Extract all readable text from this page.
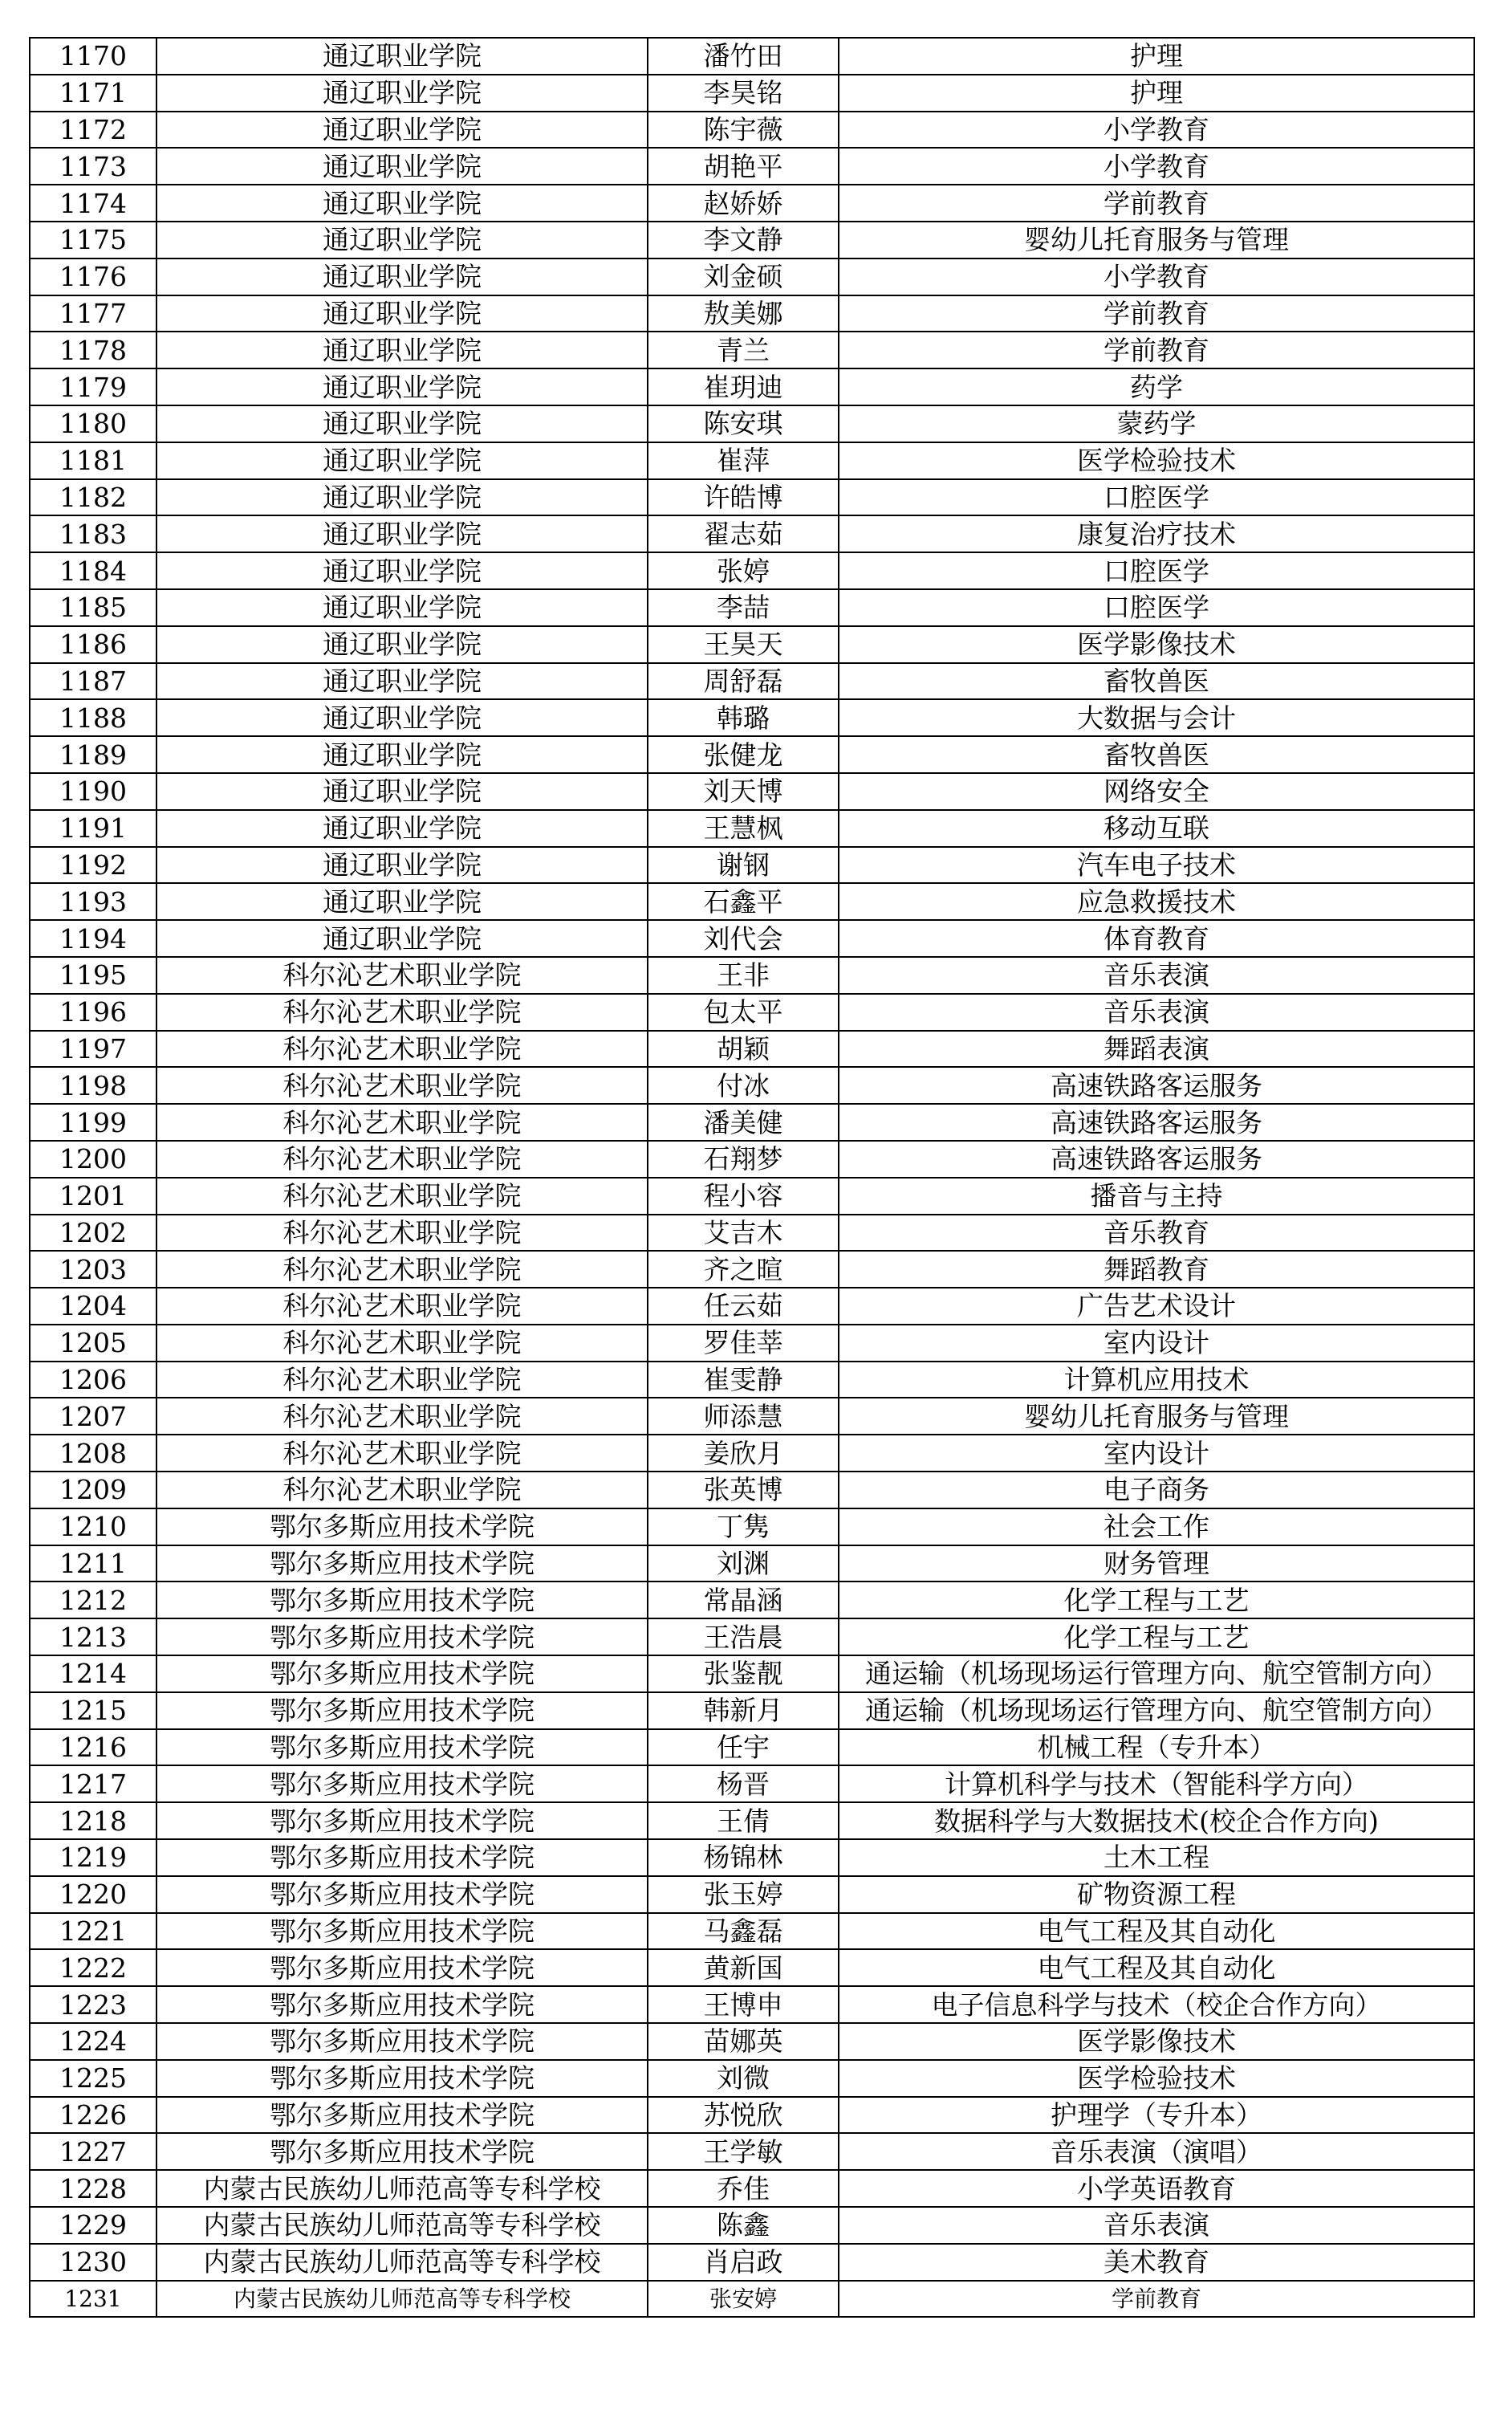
1170	通辽职业学院	潘竹田	护理
1171	通辽职业学院	李昊铭	护理
1172	通辽职业学院	陈宇薇	小学教育
1173	通辽职业学院	胡艳平	小学教育
1174	通辽职业学院	赵娇娇	学前教育
1175	通辽职业学院	李文静	婴幼儿托育服务与管理
1176	通辽职业学院	刘金硕	小学教育
1177	通辽职业学院	敖美娜	学前教育
1178	通辽职业学院	青兰	学前教育
1179	通辽职业学院	崔玥迪	药学
1180	通辽职业学院	陈安琪	蒙药学
1181	通辽职业学院	崔萍	医学检验技术
1182	通辽职业学院	许皓博	口腔医学
1183	通辽职业学院	翟志茹	康复治疗技术
1184	通辽职业学院	张婷	口腔医学
1185	通辽职业学院	李喆	口腔医学
1186	通辽职业学院	王昊天	医学影像技术
1187	通辽职业学院	周舒磊	畜牧兽医
1188	通辽职业学院	韩璐	大数据与会计
1189	通辽职业学院	张健龙	畜牧兽医
1190	通辽职业学院	刘天博	网络安全
1191	通辽职业学院	王慧枫	移动互联
1192	通辽职业学院	谢钢	汽车电子技术
1193	通辽职业学院	石鑫平	应急救援技术
1194	通辽职业学院	刘代会	体育教育
1195	科尔沁艺术职业学院	王非	音乐表演
1196	科尔沁艺术职业学院	包太平	音乐表演
1197	科尔沁艺术职业学院	胡颖	舞蹈表演
1198	科尔沁艺术职业学院	付冰	高速铁路客运服务
1199	科尔沁艺术职业学院	潘美健	高速铁路客运服务
1200	科尔沁艺术职业学院	石翔梦	高速铁路客运服务
1201	科尔沁艺术职业学院	程小容	播音与主持
1202	科尔沁艺术职业学院	艾吉木	音乐教育
1203	科尔沁艺术职业学院	齐之暄	舞蹈教育
1204	科尔沁艺术职业学院	任云茹	广告艺术设计
1205	科尔沁艺术职业学院	罗佳莘	室内设计
1206	科尔沁艺术职业学院	崔雯静	计算机应用技术
1207	科尔沁艺术职业学院	师添慧	婴幼儿托育服务与管理
1208	科尔沁艺术职业学院	姜欣月	室内设计
1209	科尔沁艺术职业学院	张英博	电子商务
1210	鄂尔多斯应用技术学院	丁隽	社会工作
1211	鄂尔多斯应用技术学院	刘渊	财务管理
1212	鄂尔多斯应用技术学院	常晶涵	化学工程与工艺
1213	鄂尔多斯应用技术学院	王浩晨	化学工程与工艺
1214	鄂尔多斯应用技术学院	张鉴靓	通运输（机场现场运行管理方向、航空管制方向）
1215	鄂尔多斯应用技术学院	韩新月	通运输（机场现场运行管理方向、航空管制方向）
1216	鄂尔多斯应用技术学院	任宇	机械工程（专升本）
1217	鄂尔多斯应用技术学院	杨晋	计算机科学与技术（智能科学方向）
1218	鄂尔多斯应用技术学院	王倩	数据科学与大数据技术(校企合作方向)
1219	鄂尔多斯应用技术学院	杨锦林	土木工程
1220	鄂尔多斯应用技术学院	张玉婷	矿物资源工程
1221	鄂尔多斯应用技术学院	马鑫磊	电气工程及其自动化
1222	鄂尔多斯应用技术学院	黄新国	电气工程及其自动化
1223	鄂尔多斯应用技术学院	王博申	电子信息科学与技术（校企合作方向）
1224	鄂尔多斯应用技术学院	苗娜英	医学影像技术
1225	鄂尔多斯应用技术学院	刘微	医学检验技术
1226	鄂尔多斯应用技术学院	苏悦欣	护理学（专升本）
1227	鄂尔多斯应用技术学院	王学敏	音乐表演（演唱）
1228	内蒙古民族幼儿师范高等专科学校	乔佳	小学英语教育
1229	内蒙古民族幼儿师范高等专科学校	陈鑫	音乐表演
1230	内蒙古民族幼儿师范高等专科学校	肖启政	美术教育
1231	内蒙古民族幼儿师范高等专科学校	张安婷	学前教育
